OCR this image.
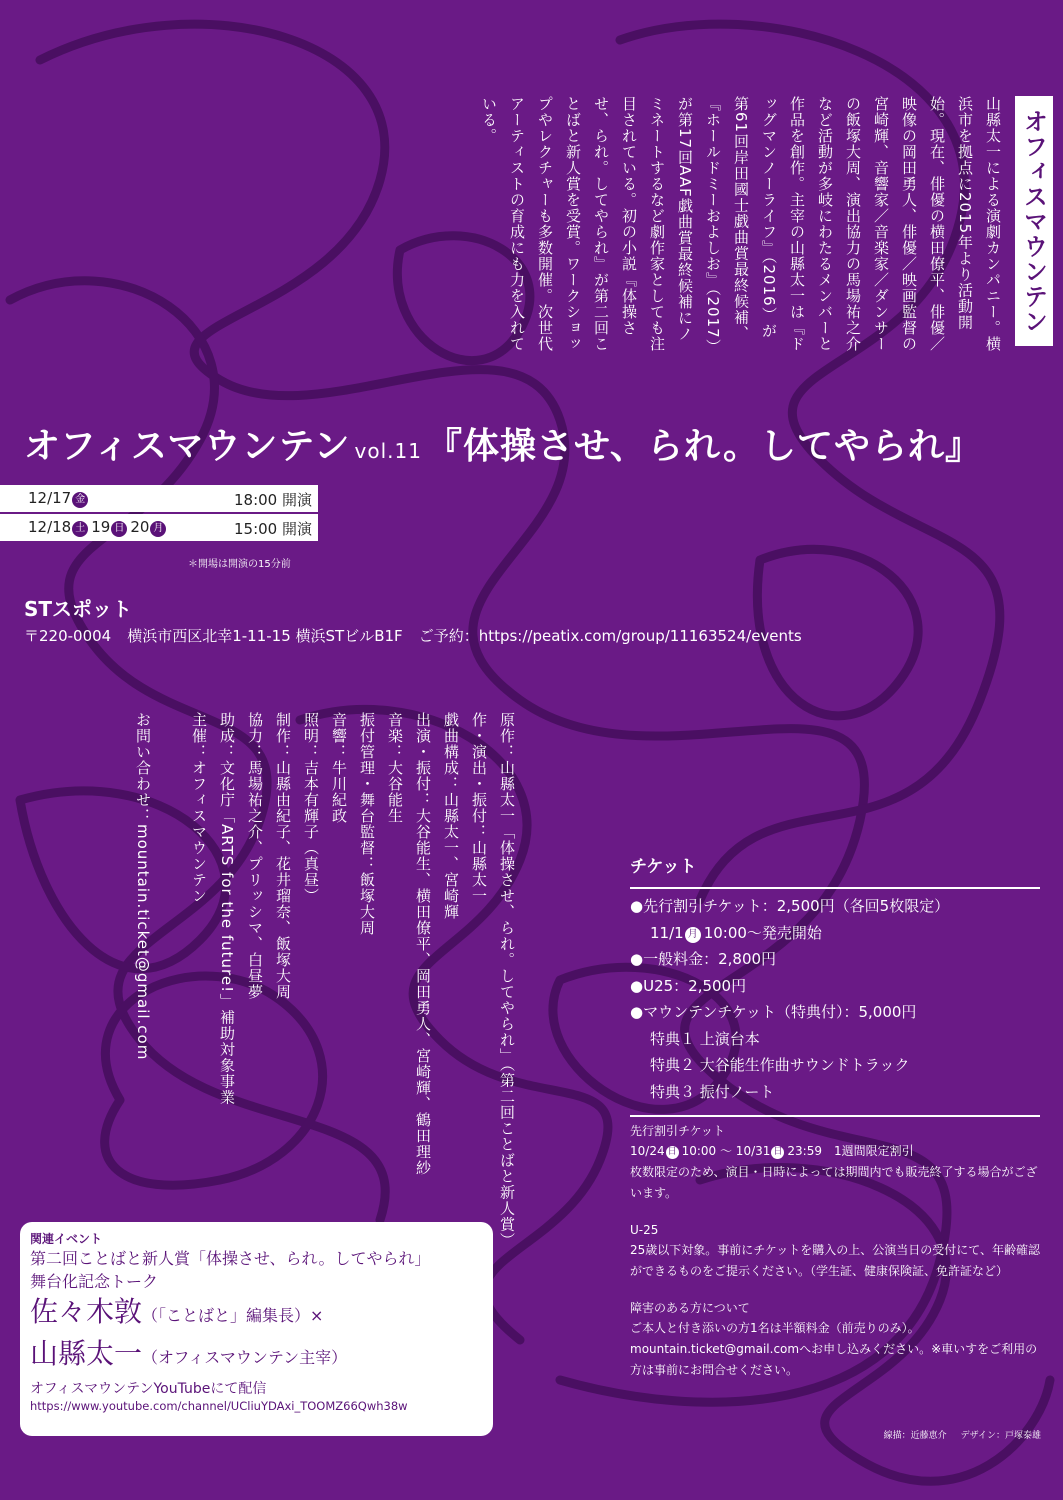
オフィスマウンテン
山縣太一による演劇カンパニー。横浜市を拠点に2015年より活動開始。現在、俳優の横田僚平、俳優／映像の岡田勇人、俳優／映画監督の宮崎輝、音響家／音楽家／ダンサーの飯塚大周、演出協力の馬場祐之介など活動が多岐にわたるメンバーと作品を創作。主宰の山縣太一は『ドッグマンノーライフ』（2016）が第61回岸田國士戯曲賞最終候補、『ホールドミーおよしお』（2017）が第17回AAF戯曲賞最終候補にノミネートするなど劇作家としても注目されている。初の小説『体操させ、られ。してやられ』が第二回ことばと新人賞を受賞。ワークショップやレクチャーも多数開催。次世代アーティストの育成にも力を入れている。
オフィスマウンテン vol.11 『体操させ、られ。してやられ』
12/17 金	18:00 開演
12/18 土 19 日 20 月	15:00 開演
＊開場は開演の15分前
STスポット
〒220-0004 横浜市西区北幸1-11-15 横浜STビルB1F ご予約：https://peatix.com/group/11163524/events
原作：山縣太一「体操させ、られ。してやられ」（第二回ことばと新人賞）
作・演出・振付：山縣太一
戯曲構成：山縣太一、宮崎輝
出演・振付：大谷能生、横田僚平、岡田勇人、宮崎輝、鶴田理紗
音楽：大谷能生
振付管理・舞台監督：飯塚大周
音響：牛川紀政
照明：吉本有輝子（真昼）
制作：山縣由紀子、花井瑠奈、飯塚大周
協力：馬場祐之介、プリッシマ、白昼夢
助成：文化庁「ARTS for the future!」補助対象事業
主催：オフィスマウンテン

お問い合わせ：mountain.ticket@gmail.com	チケット
●先行割引チケット：2,500円（各回5枚限定）
11/1 月 10:00〜発売開始
●一般料金：2,800円
●U25：2,500円
●マウンテンチケット（特典付）：5,000円
特典１ 上演台本
特典２ 大谷能生作曲サウンドトラック
特典３ 振付ノート
先行割引チケット
10/24 日 10:00 〜 10/31 日 23:59　1週間限定割引
枚数限定のため、演目・日時によっては期間内でも販売終了する場合がございます。
U-25
25歳以下対象。事前にチケットを購入の上、公演当日の受付にて、年齢確認ができるものをご提示ください。（学生証、健康保険証、免許証など）
障害のある方について
ご本人と付き添いの方1名は半額料金（前売りのみ）。mountain.ticket@gmail.comへお申し込みください。※車いすをご利用の方は事前にお問合せください。
関連イベント
第二回ことばと新人賞「体操させ、られ。してやられ」
舞台化記念トーク
佐々木敦（「ことばと」編集長）×
山縣太一（オフィスマウンテン主宰）
オフィスマウンテンYouTubeにて配信
https://www.youtube.com/channel/UCliuYDAxi_TOOMZ66Qwh38w
線描：近藤恵介 デザイン：戸塚泰雄
